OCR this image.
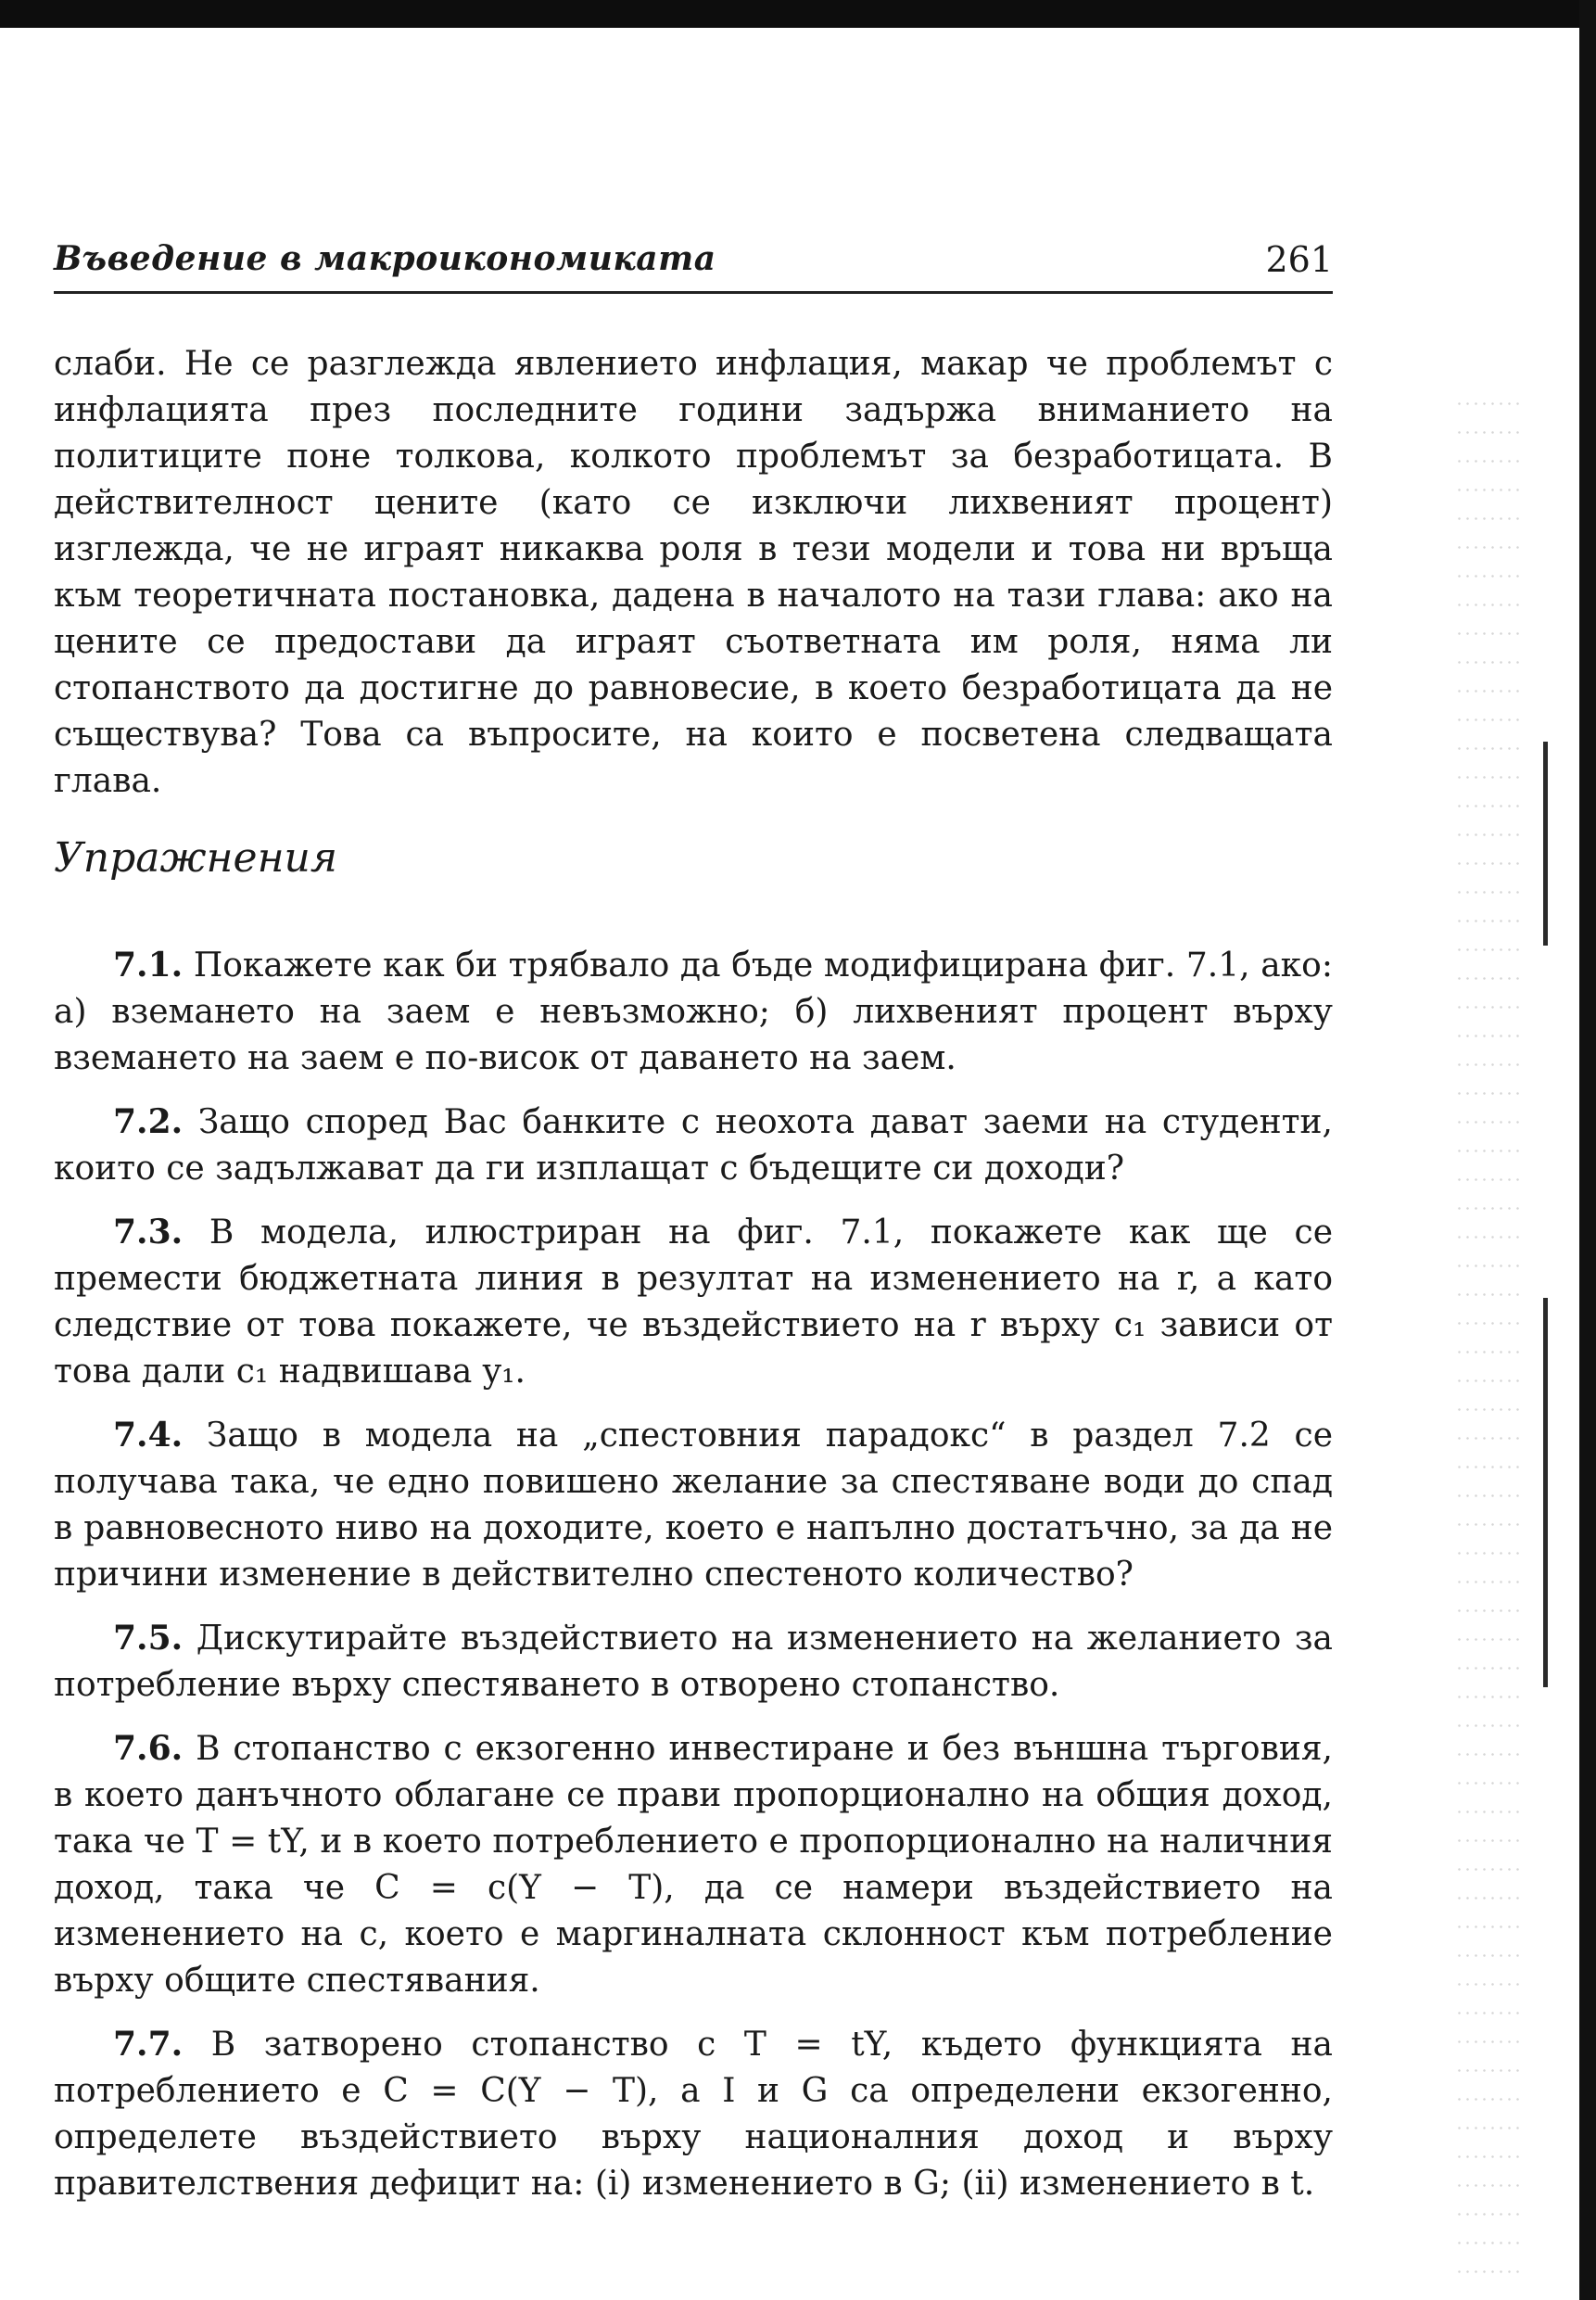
Въведение в макроикономиката	261

слаби. Не се разглежда явлението инфлация, макар че проблемът с инфлацията през последните години задържа вниманието на политиците поне толкова, колкото проблемът за безработицата. В действителност цените (като се изключи лихвеният процент) изглежда, че не играят никаква роля в тези модели и това ни връща към теоретичната постановка, дадена в началото на тази глава: ако на цените се предостави да играят съответната им роля, няма ли стопанството да достигне до равновесие, в което безработицата да не съществува? Това са въпросите, на които е посветена следващата глава.

Упражнения

7.1. Покажете как би трябвало да бъде модифицирана фиг. 7.1, ако: а) вземането на заем е невъзможно; б) лихвеният процент върху вземането на заем е по-висок от даването на заем.

7.2. Защо според Вас банките с неохота дават заеми на студенти, които се задължават да ги изплащат с бъдещите си доходи?

7.3. В модела, илюстриран на фиг. 7.1, покажете как ще се премести бюджетната линия в резултат на изменението на r, а като следствие от това покажете, че въздействието на r върху c₁ зависи от това дали c₁ надвишава y₁.

7.4. Защо в модела на „спестовния парадокс“ в раздел 7.2 се получава така, че едно повишено желание за спестяване води до спад в равновесното ниво на доходите, което е напълно достатъчно, за да не причини изменение в действително спестеното количество?

7.5. Дискутирайте въздействието на изменението на желанието за потребление върху спестяването в отворено стопанство.

7.6. В стопанство с екзогенно инвестиране и без външна търговия, в което данъчното облагане се прави пропорционално на общия доход, така че T = tY, и в което потреблението е пропорционално на наличния доход, така че C = c(Y − T), да се намери въздействието на изменението на c, което е маргиналната склонност към потребление върху общите спестявания.

7.7. В затворено стопанство с T = tY, където функцията на потреблението е C = C(Y − T), а I и G са определени екзогенно, определете въздействието върху националния доход и върху правителствения дефицит на: (i) изменението в G; (ii) изменението в t.
